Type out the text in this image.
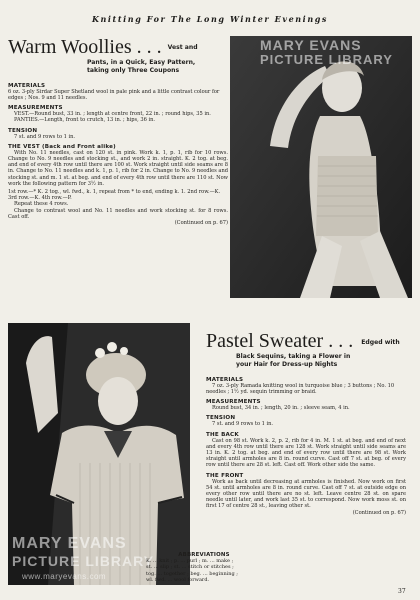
Knitting For The Long Winter Evenings
Warm Woollies . . . Vest and
Pants, in a Quick, Easy Pattern,
taking only Three Coupons
MATERIALS
6 oz. 3-ply Sirdar Super Shetland wool in pale pink and a little contrast colour for edges ; Nos. 9 and 11 needles.
MEASUREMENTS
VEST.—Round bust, 33 in. ; length at centre front, 22 in. ; round hips, 35 in.
PANTIES.—Length, front to crutch, 13 in. ; hips, 36 in.
TENSION
7 st. and 9 rows to 1 in.
THE VEST (Back and Front alike)
With No. 11 needles, cast on 120 st. in pink. Work k. 1, p. 1, rib for 10 rows. Change to No. 9 needles and stocking st., and work 2 in. straight. K. 2 tog. at beg. and end of every 4th row until there are 100 st. Work straight until side seams are 8 in. Change to No. 11 needles and k. 1, p. 1, rib for 2 in. Change to No. 9 needles and stocking st. and m. 1 st. at beg. and end of every 4th row until there are 110 st. Now work the following pattern for 3½ in.
1st row.—* K. 2 tog., wl. fwd., k. 1, repeat from * to end, ending k. 1. 2nd row.—K. 3rd row.—K. 4th row.—P.
Repeat these 4 rows.
Change to contrast wool and No. 11 needles and work stocking st. for 8 rows. Cast off.
(Continued on p. 67)
MARY EVANS
PICTURE LIBRARY
MARY EVANS
PICTURE LIBRARY
www.maryevans.com
ABBREVIATIONS
K. ... knit ; p. ... purl ; m. ... make ;
st. ... slip ; st. ... stitch or stitches ;
tog. ... together ; beg. ... beginning ;
wl. fwd. ... wool forward.
Pastel Sweater . . . Edged with
Black Sequins, taking a Flower in
your Hair for Dress-up Nights
MATERIALS
7 oz. 3-ply Ramada knitting wool in turquoise blue ; 3 buttons ; No. 10 needles ; 1½ yd. sequin trimming or braid.
MEASUREMENTS
Round bust, 34 in. ; length, 20 in. ; sleeve seam, 4 in.
TENSION
7 st. and 9 rows to 1 in.
THE BACK
Cast on 98 st. Work k. 2, p. 2, rib for 4 in. M. 1 st. at beg. and end of next and every 4th row until there are 128 st. Work straight until side seams are 13 in. K. 2 tog. at beg. and end of every row until there are 98 st. Work straight until armholes are 8 in. round curve. Cast off 7 st. at beg. of every row until there are 28 st. left. Cast off. Work other side the same.
THE FRONT
Work as back until decreasing at armholes is finished. Now work on first 54 st. until armholes are 8 in. round curve. Cast off 7 st. at outside edge on every other row until there are no st. left. Leave centre 28 st. on spare needle until later, and work last 35 st. to correspond. Now work moss st. on first 17 of centre 28 st., leaving other st.
(Continued on p. 67)
37
